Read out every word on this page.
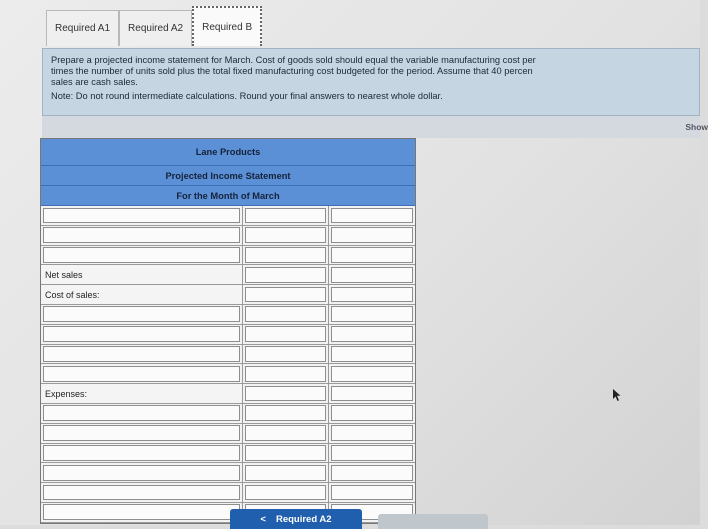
Required A1	Required A2	Required B
Prepare a projected income statement for March. Cost of goods sold should equal the variable manufacturing cost per
times the number of units sold plus the total fixed manufacturing cost budgeted for the period. Assume that 40 percen
sales are cash sales.
Note: Do not round intermediate calculations. Round your final answers to nearest whole dollar.
Show
Lane Products
Projected Income Statement
For the Month of March
Net sales
Cost of sales:
Expenses:
< Required A2
